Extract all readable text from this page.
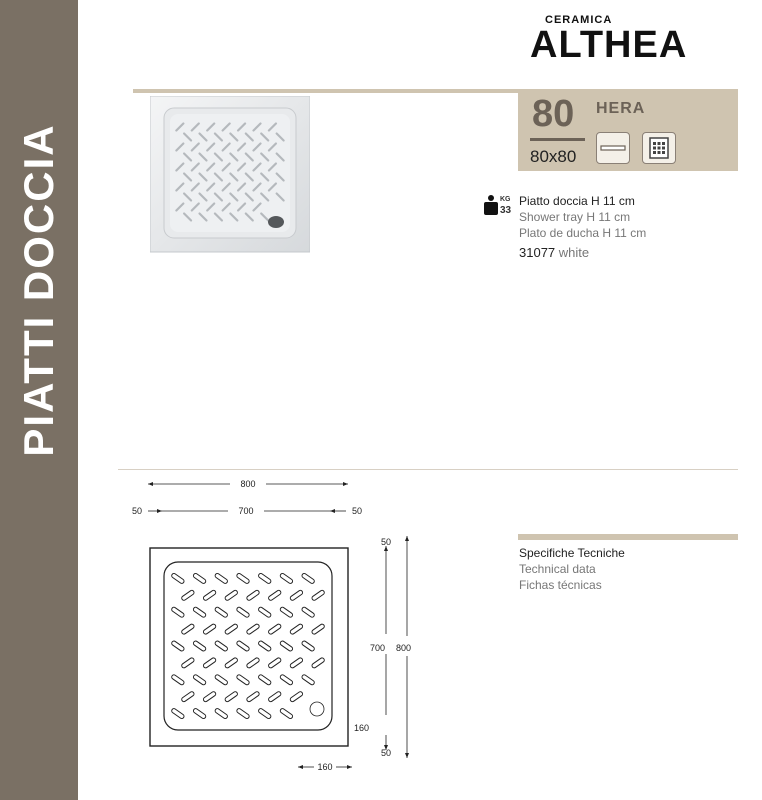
PIATTI DOCCIA
CERAMICA
ALTHEA
80 HERA
80x80
KG
33
Piatto doccia H 11 cm
Shower tray H 11 cm
Plato de ducha H 11 cm
31077 white
Specifiche Tecniche
Technical data
Fichas técnicas
800
50	700	50
50
700 800
160
50
160
